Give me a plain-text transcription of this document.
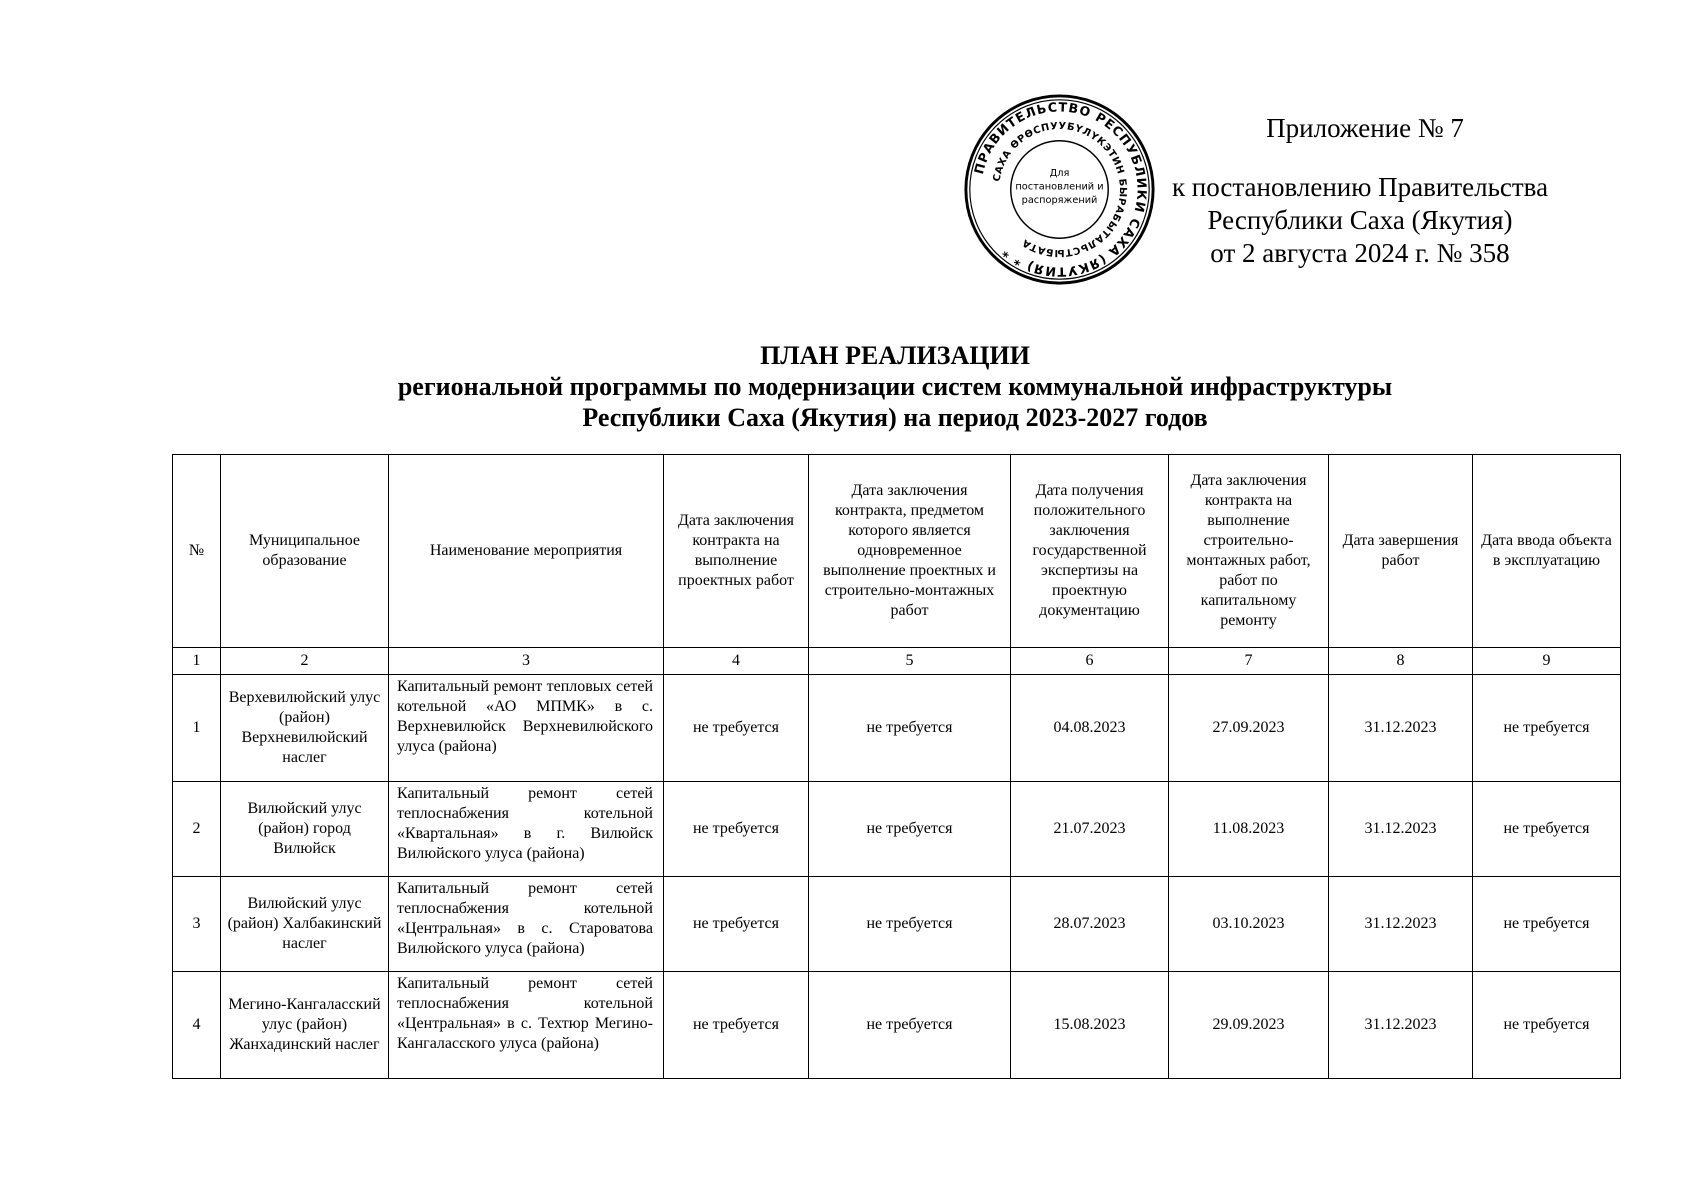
ПРАВИТЕЛЬСТВО РЕСПУБЛИКИ САХА (ЯКУТИЯ) * *
САХА ӨРӨСПУУБҮЛҮКЭТИН БЫРАБЫТАЛЬСТЫБАТА
Для
постановлений и
распоряжений
Приложение № 7
к постановлению Правительства
Республики Саха (Якутия)
от 2 августа 2024 г. № 358
ПЛАН РЕАЛИЗАЦИИ
региональной программы по модернизации систем коммунальной инфраструктуры
Республики Саха (Якутия) на период 2023-2027 годов
№	Муниципальное образование	Наименование мероприятия	Дата заключения контракта на выполнение проектных работ	Дата заключения контракта, предметом которого является одновременное выполнение проектных и строительно-монтажных работ	Дата получения положительного заключения государственной экспертизы на проектную документацию	Дата заключения контракта на выполнение строительно-монтажных работ, работ по капитальному ремонту	Дата завершения работ	Дата ввода объекта в эксплуатацию
1	2	3	4	5	6	7	8	9
1	Верхевилюйский улус (район) Верхневилюйский наслег	Капитальный ремонт тепловых сетей котельной «АО МПМК» в с. Верхневилюйск Верхневилюйского улуса (района)	не требуется	не требуется	04.08.2023	27.09.2023	31.12.2023	не требуется
2	Вилюйский улус (район) город Вилюйск	Капитальный ремонт сетей теплоснабжения котельной «Квартальная» в г. Вилюйск Вилюйского улуса (района)	не требуется	не требуется	21.07.2023	11.08.2023	31.12.2023	не требуется
3	Вилюйский улус (район) Халбакинский наслег	Капитальный ремонт сетей теплоснабжения котельной «Центральная» в с. Староватова Вилюйского улуса (района)	не требуется	не требуется	28.07.2023	03.10.2023	31.12.2023	не требуется
4	Мегино-Кангаласский улус (район) Жанхадинский наслег	Капитальный ремонт сетей теплоснабжения котельной «Центральная» в с. Техтюр Мегино-Кангаласского улуса (района)	не требуется	не требуется	15.08.2023	29.09.2023	31.12.2023	не требуется
